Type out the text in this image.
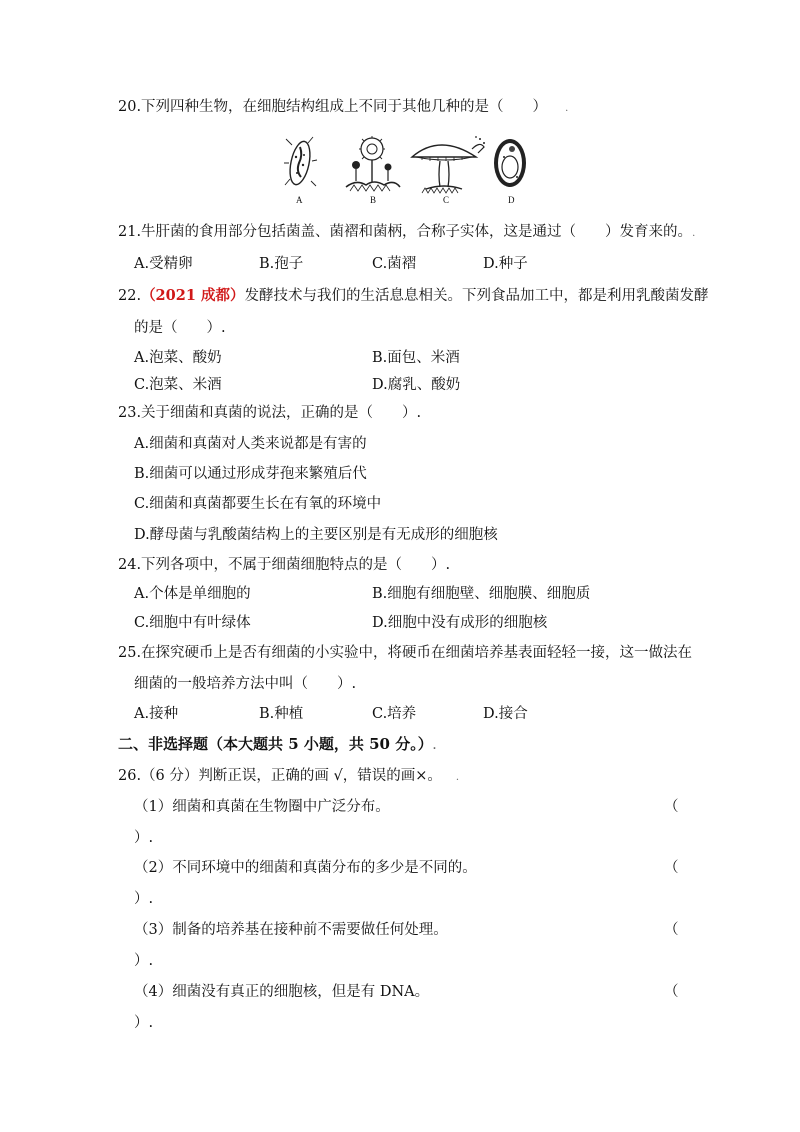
20.下列四种生物，在细胞结构组成上不同于其他几种的是（　　） .
A	B	C	D
21.牛肝菌的食用部分包括菌盖、菌褶和菌柄，合称子实体，这是通过（　　）发育来的。.
A.受精卵	B.孢子	C.菌褶	D.种子
22.（2021 成都）发酵技术与我们的生活息息相关。下列食品加工中，都是利用乳酸菌发酵
的是（　　）.
A.泡菜、酸奶	B.面包、米酒
C.泡菜、米酒	D.腐乳、酸奶
23.关于细菌和真菌的说法，正确的是（　　）.
A.细菌和真菌对人类来说都是有害的
B.细菌可以通过形成芽孢来繁殖后代
C.细菌和真菌都要生长在有氧的环境中
D.酵母菌与乳酸菌结构上的主要区别是有无成形的细胞核
24.下列各项中，不属于细菌细胞特点的是（　　）.
A.个体是单细胞的	B.细胞有细胞壁、细胞膜、细胞质
C.细胞中有叶绿体	D.细胞中没有成形的细胞核
25.在探究硬币上是否有细菌的小实验中，将硬币在细菌培养基表面轻轻一接，这一做法在
细菌的一般培养方法中叫（　　）.
A.接种	B.种植	C.培养	D.接合
二、非选择题（本大题共 5 小题，共 50 分。）.
26.（6 分）判断正误，正确的画 √，错误的画×。 .
（1）细菌和真菌在生物圈中广泛分布。	（
）.
（2）不同环境中的细菌和真菌分布的多少是不同的。	（
）.
（3）制备的培养基在接种前不需要做任何处理。	（
）.
（4）细菌没有真正的细胞核，但是有 DNA。	（
）.
